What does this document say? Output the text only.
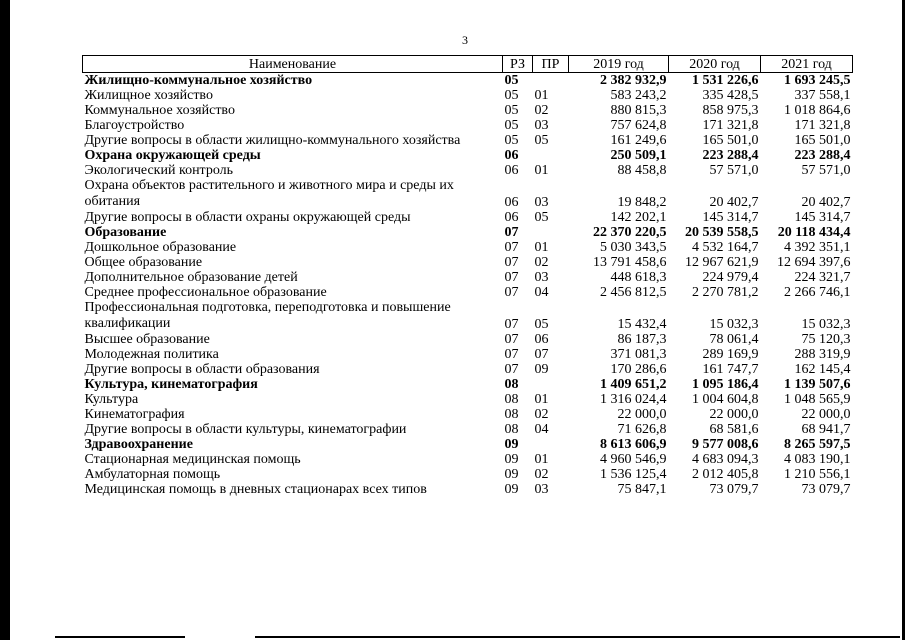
3
Наименование	РЗ	ПР	2019 год	2020 год	2021 год
Жилищно-коммунальное хозяйство	05		2 382 932,9	1 531 226,6	1 693 245,5
Жилищное хозяйство	05	01	583 243,2	335 428,5	337 558,1
Коммунальное хозяйство	05	02	880 815,3	858 975,3	1 018 864,6
Благоустройство	05	03	757 624,8	171 321,8	171 321,8
Другие вопросы в области жилищно-коммунального хозяйства	05	05	161 249,6	165 501,0	165 501,0
Охрана окружающей среды	06		250 509,1	223 288,4	223 288,4
Экологический контроль	06	01	88 458,8	57 571,0	57 571,0
Охрана объектов растительного и животного мира и среды их обитания	06	03	19 848,2	20 402,7	20 402,7
Другие вопросы в области охраны окружающей среды	06	05	142 202,1	145 314,7	145 314,7
Образование	07		22 370 220,5	20 539 558,5	20 118 434,4
Дошкольное образование	07	01	5 030 343,5	4 532 164,7	4 392 351,1
Общее образование	07	02	13 791 458,6	12 967 621,9	12 694 397,6
Дополнительное образование детей	07	03	448 618,3	224 979,4	224 321,7
Среднее профессиональное образование	07	04	2 456 812,5	2 270 781,2	2 266 746,1
Профессиональная подготовка, переподготовка и повышение квалификации	07	05	15 432,4	15 032,3	15 032,3
Высшее образование	07	06	86 187,3	78 061,4	75 120,3
Молодежная политика	07	07	371 081,3	289 169,9	288 319,9
Другие вопросы в области образования	07	09	170 286,6	161 747,7	162 145,4
Культура, кинематография	08		1 409 651,2	1 095 186,4	1 139 507,6
Культура	08	01	1 316 024,4	1 004 604,8	1 048 565,9
Кинематография	08	02	22 000,0	22 000,0	22 000,0
Другие вопросы в области культуры, кинематографии	08	04	71 626,8	68 581,6	68 941,7
Здравоохранение	09		8 613 606,9	9 577 008,6	8 265 597,5
Стационарная медицинская помощь	09	01	4 960 546,9	4 683 094,3	4 083 190,1
Амбулаторная помощь	09	02	1 536 125,4	2 012 405,8	1 210 556,1
Медицинская помощь в дневных стационарах всех типов	09	03	75 847,1	73 079,7	73 079,7
